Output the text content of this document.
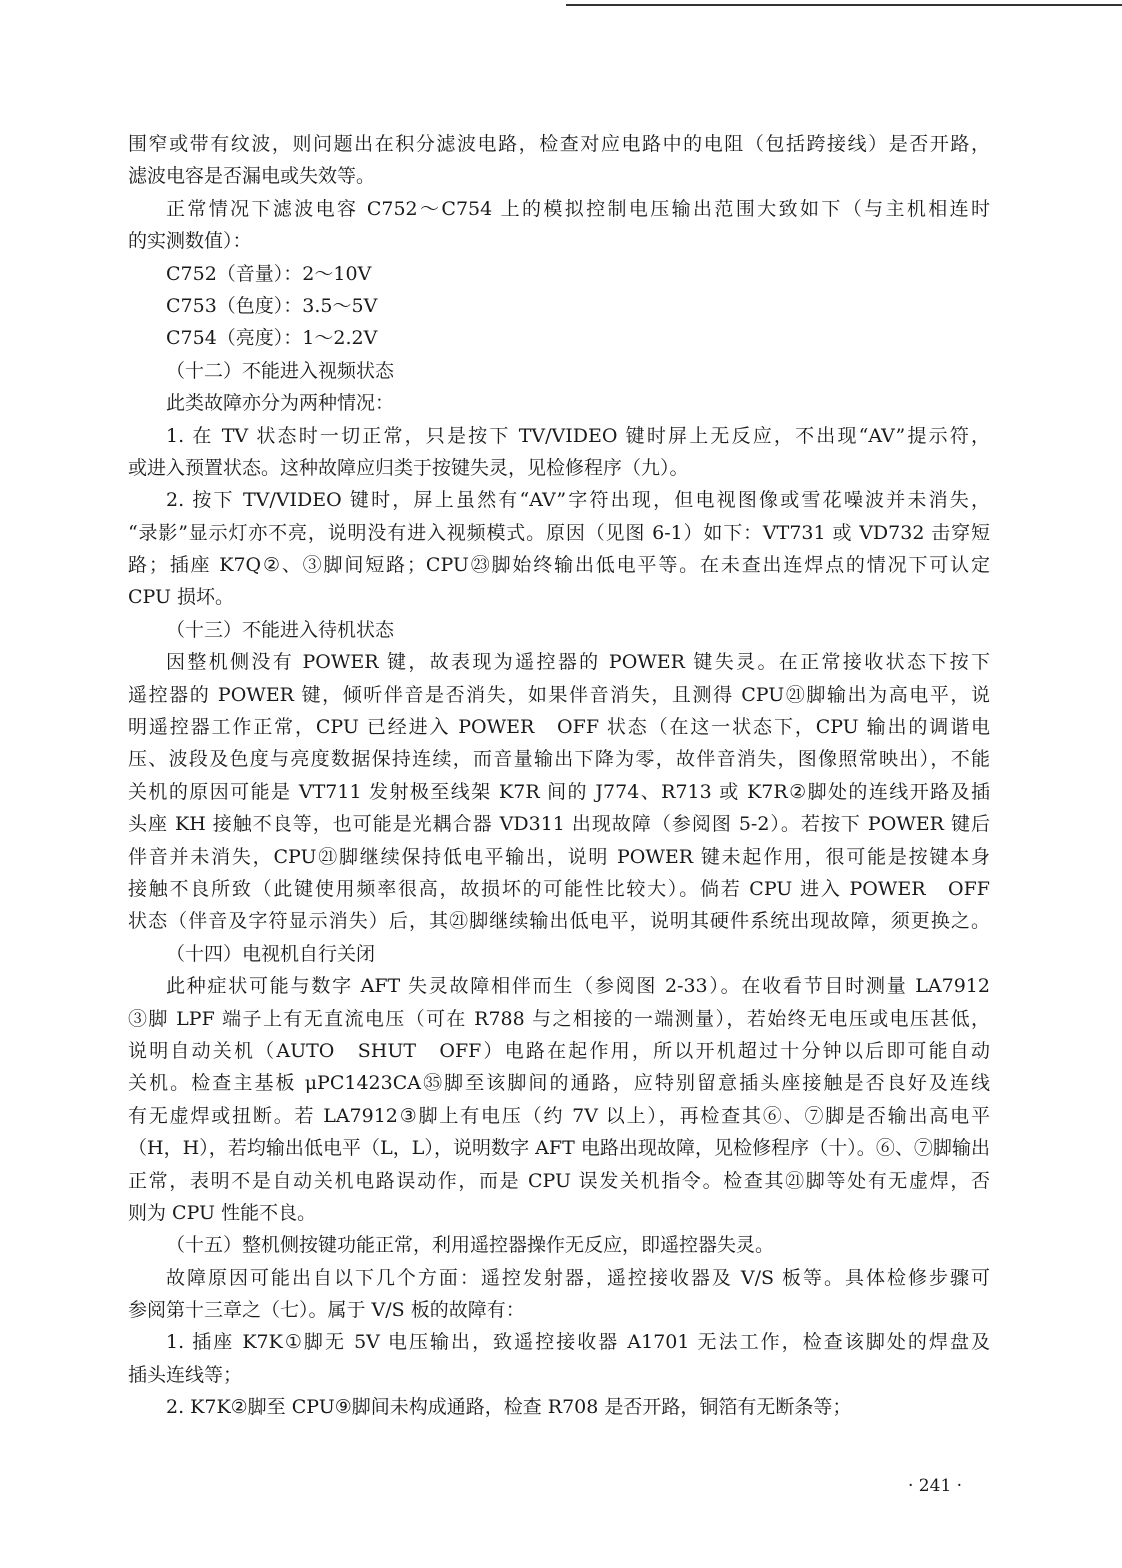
围窄或带有纹波，则问题出在积分滤波电路，检查对应电路中的电阻（包括跨接线）是否开路，

滤波电容是否漏电或失效等。

正常情况下滤波电容 C752～C754 上的模拟控制电压输出范围大致如下（与主机相连时

的实测数值）：

C752（音量）：2～10V

C753（色度）：3.5～5V

C754（亮度）：1～2.2V

（十二）不能进入视频状态

此类故障亦分为两种情况：

1. 在 TV 状态时一切正常，只是按下 TV/VIDEO 键时屏上无反应，不出现“AV”提示符，

或进入预置状态。这种故障应归类于按键失灵，见检修程序（九）。

2. 按下 TV/VIDEO 键时，屏上虽然有“AV”字符出现，但电视图像或雪花噪波并未消失，

“录影”显示灯亦不亮，说明没有进入视频模式。原因（见图 6-1）如下：VT731 或 VD732 击穿短

路；插座 K7Q②、③脚间短路；CPU㉓脚始终输出低电平等。在未查出连焊点的情况下可认定

CPU 损坏。

（十三）不能进入待机状态

因整机侧没有 POWER 键，故表现为遥控器的 POWER 键失灵。在正常接收状态下按下

遥控器的 POWER 键，倾听伴音是否消失，如果伴音消失，且测得 CPU㉑脚输出为高电平，说

明遥控器工作正常，CPU 已经进入 POWER　OFF 状态（在这一状态下，CPU 输出的调谐电

压、波段及色度与亮度数据保持连续，而音量输出下降为零，故伴音消失，图像照常映出），不能

关机的原因可能是 VT711 发射极至线架 K7R 间的 J774、R713 或 K7R②脚处的连线开路及插

头座 KH 接触不良等，也可能是光耦合器 VD311 出现故障（参阅图 5-2）。若按下 POWER 键后

伴音并未消失，CPU㉑脚继续保持低电平输出，说明 POWER 键未起作用，很可能是按键本身

接触不良所致（此键使用频率很高，故损坏的可能性比较大）。倘若 CPU 进入 POWER　OFF

状态（伴音及字符显示消失）后，其㉑脚继续输出低电平，说明其硬件系统出现故障，须更换之。

（十四）电视机自行关闭

此种症状可能与数字 AFT 失灵故障相伴而生（参阅图 2-33）。在收看节目时测量 LA7912

③脚 LPF 端子上有无直流电压（可在 R788 与之相接的一端测量），若始终无电压或电压甚低，

说明自动关机（AUTO　SHUT　OFF）电路在起作用，所以开机超过十分钟以后即可能自动

关机。检查主基板 μPC1423CA㉟脚至该脚间的通路，应特别留意插头座接触是否良好及连线

有无虚焊或扭断。若 LA7912③脚上有电压（约 7V 以上），再检查其⑥、⑦脚是否输出高电平

（H，H），若均输出低电平（L，L），说明数字 AFT 电路出现故障，见检修程序（十）。⑥、⑦脚输出

正常，表明不是自动关机电路误动作，而是 CPU 误发关机指令。检查其㉑脚等处有无虚焊，否

则为 CPU 性能不良。

（十五）整机侧按键功能正常，利用遥控器操作无反应，即遥控器失灵。

故障原因可能出自以下几个方面：遥控发射器，遥控接收器及 V/S 板等。具体检修步骤可

参阅第十三章之（七）。属于 V/S 板的故障有：

1. 插座 K7K①脚无 5V 电压输出，致遥控接收器 A1701 无法工作，检查该脚处的焊盘及

插头连线等；

2. K7K②脚至 CPU⑨脚间未构成通路，检查 R708 是否开路，铜箔有无断条等；

· 241 ·
